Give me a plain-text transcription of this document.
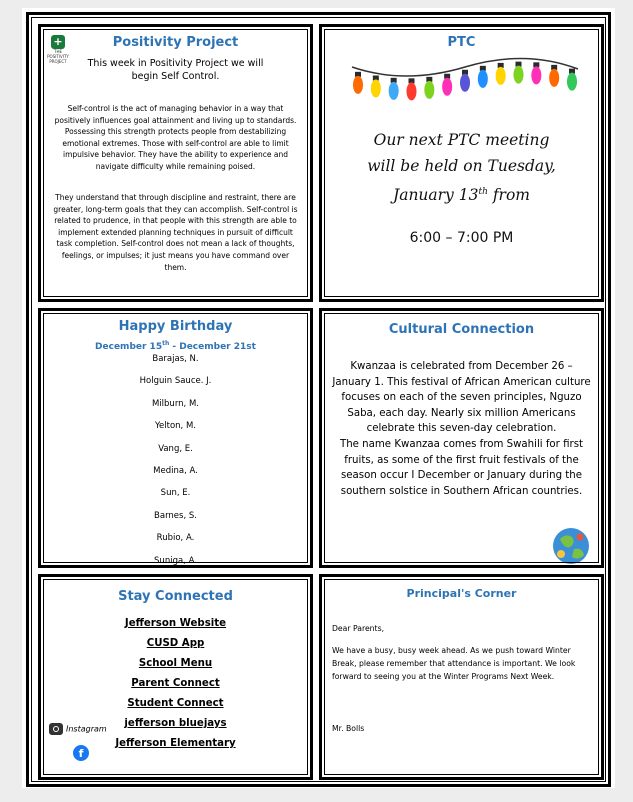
+
THE POSITIVITY PROJECT
Positivity Project
This week in Positivity Project we will begin Self Control.
Self-control is the act of managing behavior in a way that positively influences goal attainment and living up to standards. Possessing this strength protects people from destabilizing emotional extremes. Those with self-control are able to limit impulsive behavior. They have the ability to experience and navigate difficulty while remaining poised.
They understand that through discipline and restraint, there are greater, long-term goals that they can accomplish. Self-control is related to prudence, in that people with this strength are able to implement extended planning techniques in pursuit of difficult task completion. Self-control does not mean a lack of thoughts, feelings, or impulses; it just means you have command over them.
PTC
Our next PTC meeting
will be held on Tuesday,
January 13th from
6:00 – 7:00 PM
Happy Birthday
December 15th - December 21st
Barajas, N.
Holguin Sauce. J.
Milburn, M.
Yelton, M.
Vang, E.
Medina, A.
Sun, E.
Barnes, S.
Rubio, A.
Suniga, A.
Cultural Connection
Kwanzaa is celebrated from December 26 – January 1. This festival of African American culture focuses on each of the seven principles, Nguzo Saba, each day. Nearly six million Americans celebrate this seven-day celebration.
The name Kwanzaa comes from Swahili for first fruits, as some of the first fruit festivals of the season occur I December or January during the southern solstice in Southern African countries.
Stay Connected
Jefferson Website
CUSD App
School Menu
Parent Connect
Student Connect
jefferson bluejays
Jefferson Elementary
Instagram
f
Principal's Corner
Dear Parents,
We have a busy, busy week ahead. As we push toward Winter Break, please remember that attendance is important. We look forward to seeing you at the Winter Programs Next Week.
Mr. Bolls
